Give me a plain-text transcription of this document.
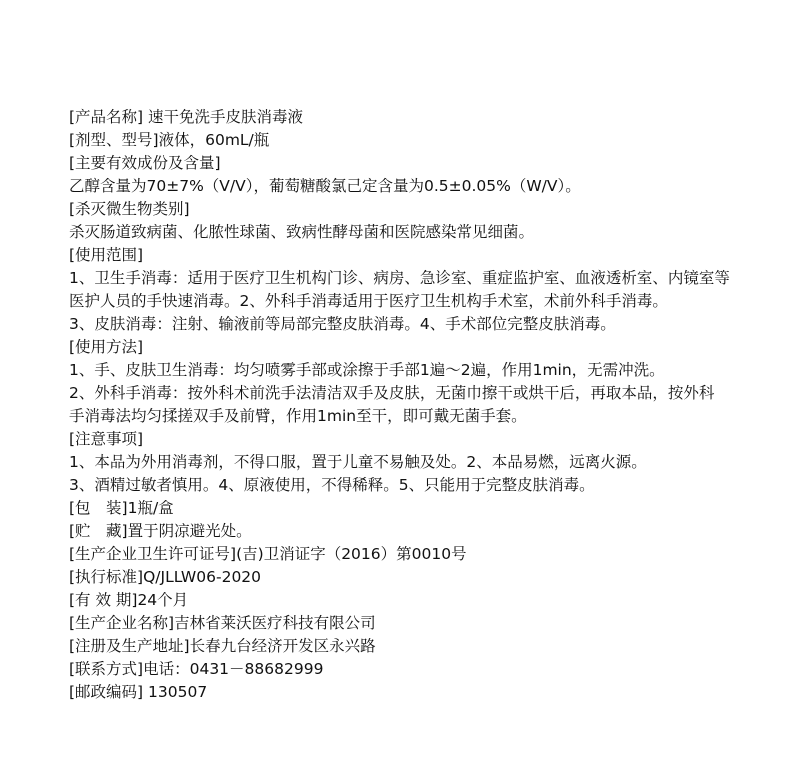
[产品名称] 速干免洗手皮肤消毒液
[剂型、型号]液体，60mL/瓶
[主要有效成份及含量]
乙醇含量为70±7%（V/V），葡萄糖酸氯己定含量为0.5±0.05%（W/V）。
[杀灭微生物类别]
杀灭肠道致病菌、化脓性球菌、致病性酵母菌和医院感染常见细菌。
[使用范围]
1、卫生手消毒：适用于医疗卫生机构门诊、病房、急诊室、重症监护室、血液透析室、内镜室等
医护人员的手快速消毒。2、外科手消毒适用于医疗卫生机构手术室，术前外科手消毒。
3、皮肤消毒：注射、输液前等局部完整皮肤消毒。4、手术部位完整皮肤消毒。
[使用方法]
1、手、皮肤卫生消毒：均匀喷雾手部或涂擦于手部1遍～2遍，作用1min，无需冲洗。
2、外科手消毒：按外科术前洗手法清洁双手及皮肤，无菌巾擦干或烘干后，再取本品，按外科
手消毒法均匀揉搓双手及前臂，作用1min至干，即可戴无菌手套。
[注意事项]
1、本品为外用消毒剂，不得口服，置于儿童不易触及处。2、本品易燃，远离火源。
3、酒精过敏者慎用。4、原液使用，不得稀释。5、只能用于完整皮肤消毒。
[包　装]1瓶/盒
[贮　藏]置于阴凉避光处。
[生产企业卫生许可证号](吉)卫消证字（2016）第0010号
[执行标准]Q/JLLW06-2020
[有 效 期]24个月
[生产企业名称]吉林省莱沃医疗科技有限公司
[注册及生产地址]长春九台经济开发区永兴路
[联系方式]电话：0431－88682999
[邮政编码] 130507
